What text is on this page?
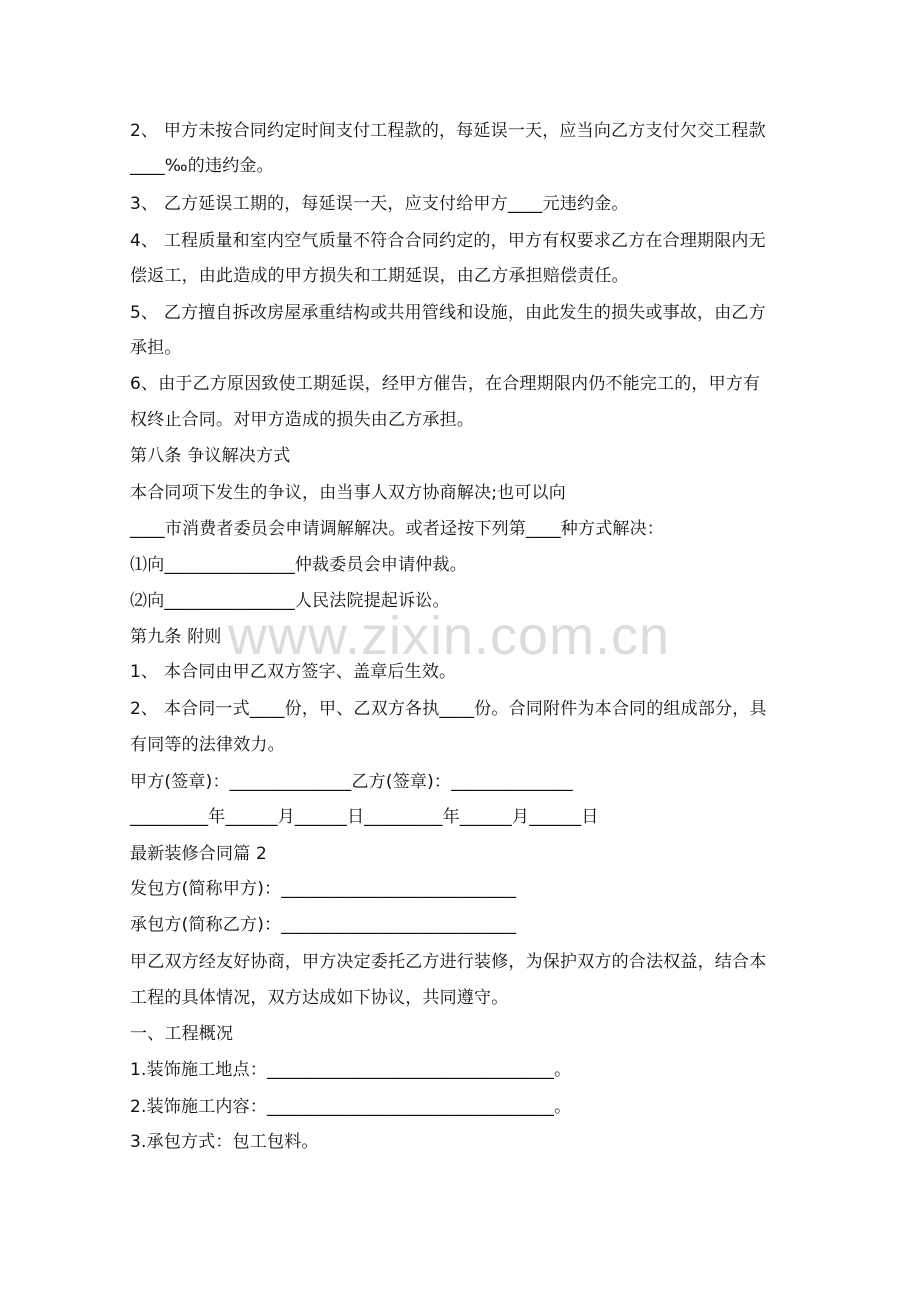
2、 甲方未按合同约定时间支付工程款的，每延误一天，应当向乙方支付欠交工程款
____‰的违约金。
3、 乙方延误工期的，每延误一天，应支付给甲方____元违约金。
4、 工程质量和室内空气质量不符合合同约定的，甲方有权要求乙方在合理期限内无
偿返工，由此造成的甲方损失和工期延误，由乙方承担赔偿责任。
5、 乙方擅自拆改房屋承重结构或共用管线和设施，由此发生的损失或事故，由乙方
承担。
6、由于乙方原因致使工期延误，经甲方催告，在合理期限内仍不能完工的，甲方有
权终止合同。对甲方造成的损失由乙方承担。
第八条 争议解决方式
本合同项下发生的争议，由当事人双方协商解决;也可以向
____市消费者委员会申请调解解决。或者迳按下列第____种方式解决：
⑴向_______________仲裁委员会申请仲裁。
⑵向_______________人民法院提起诉讼。
第九条 附则
1、 本合同由甲乙双方签字、盖章后生效。
2、 本合同一式____份，甲、乙双方各执____份。合同附件为本合同的组成部分，具
有同等的法律效力。
甲方(签章)：______________乙方(签章)：______________
_________年______月______日_________年______月______日
最新装修合同篇 2
发包方(简称甲方)：___________________________
承包方(简称乙方)：___________________________
甲乙双方经友好协商，甲方决定委托乙方进行装修，为保护双方的合法权益，结合本
工程的具体情况，双方达成如下协议，共同遵守。
一、工程概况
1.装饰施工地点：_________________________________。
2.装饰施工内容：_________________________________。
3.承包方式：包工包料。
www.zixin.com.cn
